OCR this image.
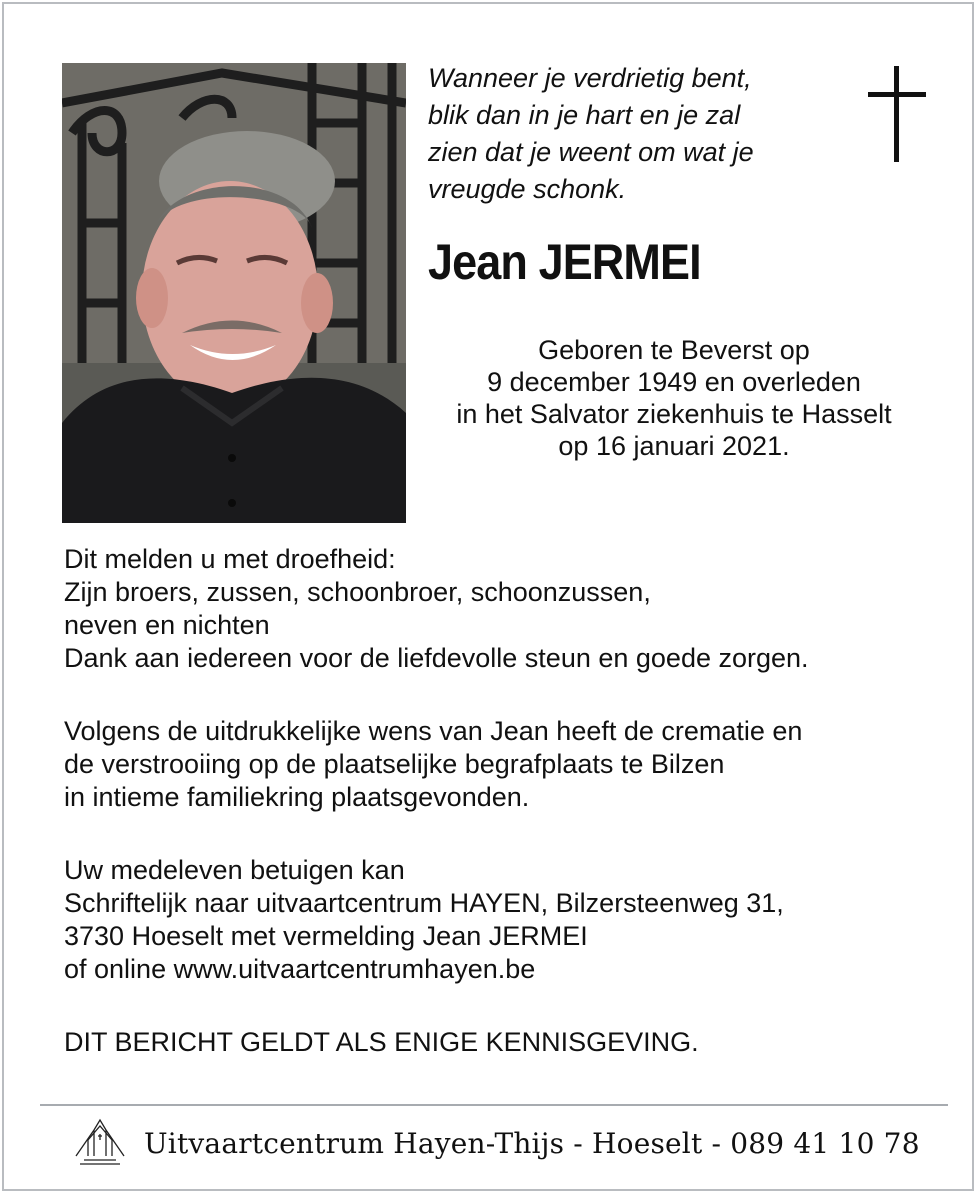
Wanneer je verdrietig bent,
blik dan in je hart en je zal
zien dat je weent om wat je
vreugde schonk.
Jean JERMEI
Geboren te Beverst op
9 december 1949 en overleden
in het Salvator ziekenhuis te Hasselt
op 16 januari 2021.
Dit melden u met droefheid:
Zijn broers, zussen, schoonbroer, schoonzussen,
neven en nichten
Dank aan iedereen voor de liefdevolle steun en goede zorgen.
Volgens de uitdrukkelijke wens van Jean heeft de crematie en
de verstrooiing op de plaatselijke begrafplaats te Bilzen
in intieme familiekring plaatsgevonden.
Uw medeleven betuigen kan
Schriftelijk naar uitvaartcentrum HAYEN, Bilzersteenweg 31,
3730 Hoeselt met vermelding Jean JERMEI
of online www.uitvaartcentrumhayen.be
DIT BERICHT GELDT ALS ENIGE KENNISGEVING.
Uitvaartcentrum Hayen-Thijs - Hoeselt - 089 41 10 78
